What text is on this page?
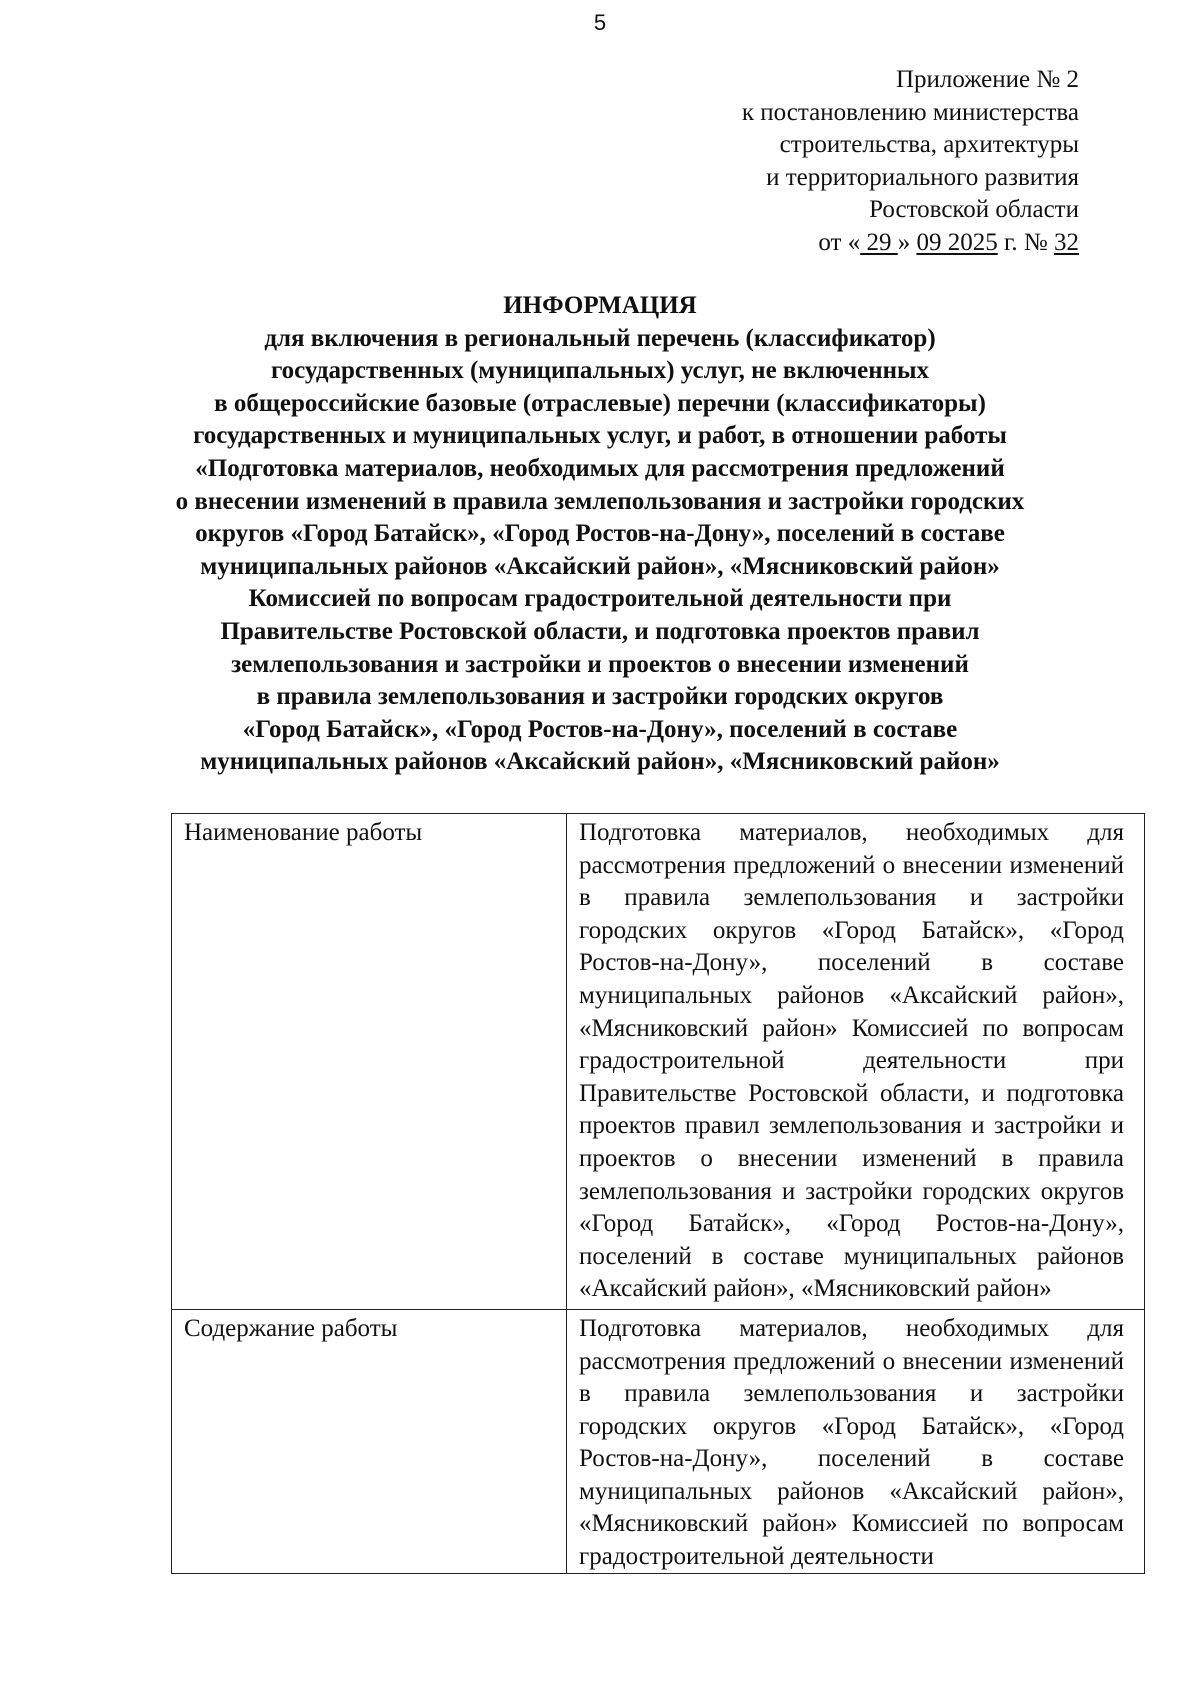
5
Приложение № 2
к постановлению министерства
строительства, архитектуры
и территориального развития
Ростовской области
от « 29 » 09 2025 г. № 32
ИНФОРМАЦИЯ
для включения в региональный перечень (классификатор)
государственных (муниципальных) услуг, не включенных
в общероссийские базовые (отраслевые) перечни (классификаторы)
государственных и муниципальных услуг, и работ, в отношении работы
«Подготовка материалов, необходимых для рассмотрения предложений
о внесении изменений в правила землепользования и застройки городских
округов «Город Батайск», «Город Ростов-на-Дону», поселений в составе
муниципальных районов «Аксайский район», «Мясниковский район»
Комиссией по вопросам градостроительной деятельности при
Правительстве Ростовской области, и подготовка проектов правил
землепользования и застройки и проектов о внесении изменений
в правила землепользования и застройки городских округов
«Город Батайск», «Город Ростов-на-Дону», поселений в составе
муниципальных районов «Аксайский район», «Мясниковский район»
Наименование работы	Подготовка материалов, необходимых для рассмотрения предложений о внесении изменений в правила землепользования и застройки городских округов «Город Батайск», «Город Ростов-на-Дону», поселений в составе муниципальных районов «Аксайский район», «Мясниковский район» Комиссией по вопросам градостроительной деятельности при Правительстве Ростовской области, и подготовка проектов правил землепользования и застройки и проектов о внесении изменений в правила землепользования и застройки городских округов «Город Батайск», «Город Ростов-на-Дону», поселений в составе муниципальных районов «Аксайский район», «Мясниковский район»
Содержание работы	Подготовка материалов, необходимых для рассмотрения предложений о внесении изменений в правила землепользования и застройки городских округов «Город Батайск», «Город Ростов-на-Дону», поселений в составе муниципальных районов «Аксайский район», «Мясниковский район» Комиссией по вопросам градостроительной деятельности
